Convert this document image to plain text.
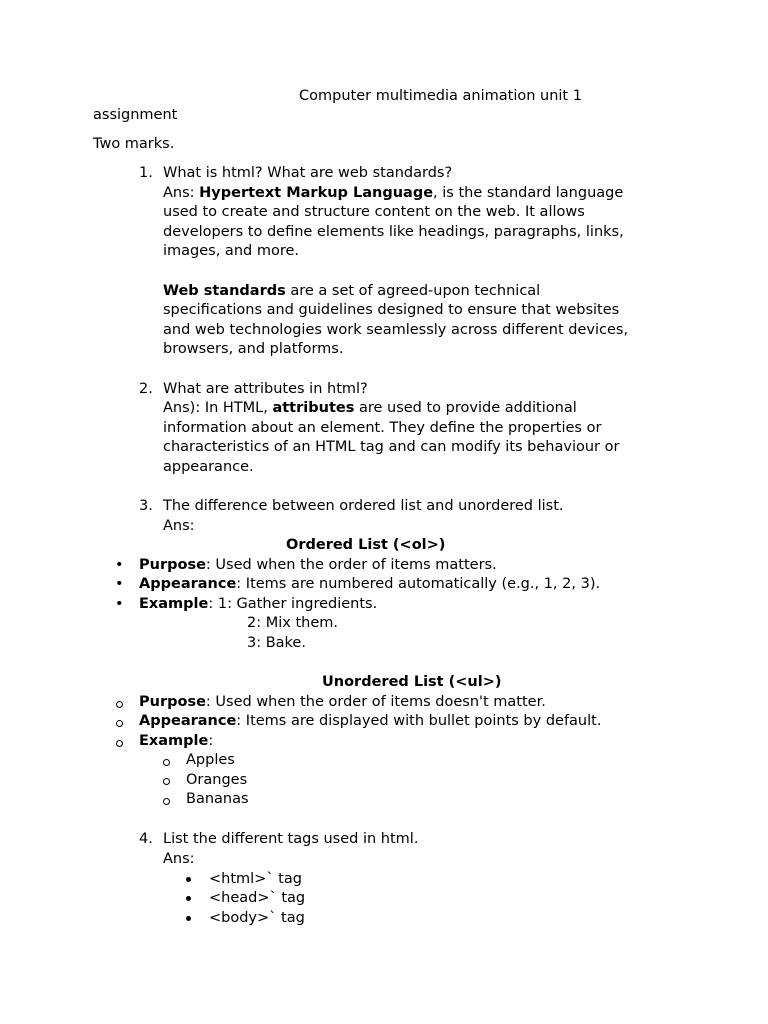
Computer multimedia animation unit 1
assignment
Two marks.
1. What is html? What are web standards?
Ans: Hypertext Markup Language, is the standard language
used to create and structure content on the web. It allows
developers to define elements like headings, paragraphs, links,
images, and more.
Web standards are a set of agreed-upon technical
specifications and guidelines designed to ensure that websites
and web technologies work seamlessly across different devices,
browsers, and platforms.
2. What are attributes in html?
Ans): In HTML, attributes are used to provide additional
information about an element. They define the properties or
characteristics of an HTML tag and can modify its behaviour or
appearance.
3. The difference between ordered list and unordered list.
Ans:
Ordered List (<ol>)
• Purpose: Used when the order of items matters.
• Appearance: Items are numbered automatically (e.g., 1, 2, 3).
• Example: 1: Gather ingredients.
2: Mix them.
3: Bake.
Unordered List (<ul>)
Purpose: Used when the order of items doesn't matter.
Appearance: Items are displayed with bullet points by default.
Example:
Apples
Oranges
Bananas
4. List the different tags used in html.
Ans:
<html>` tag
<head>` tag
<body>` tag
